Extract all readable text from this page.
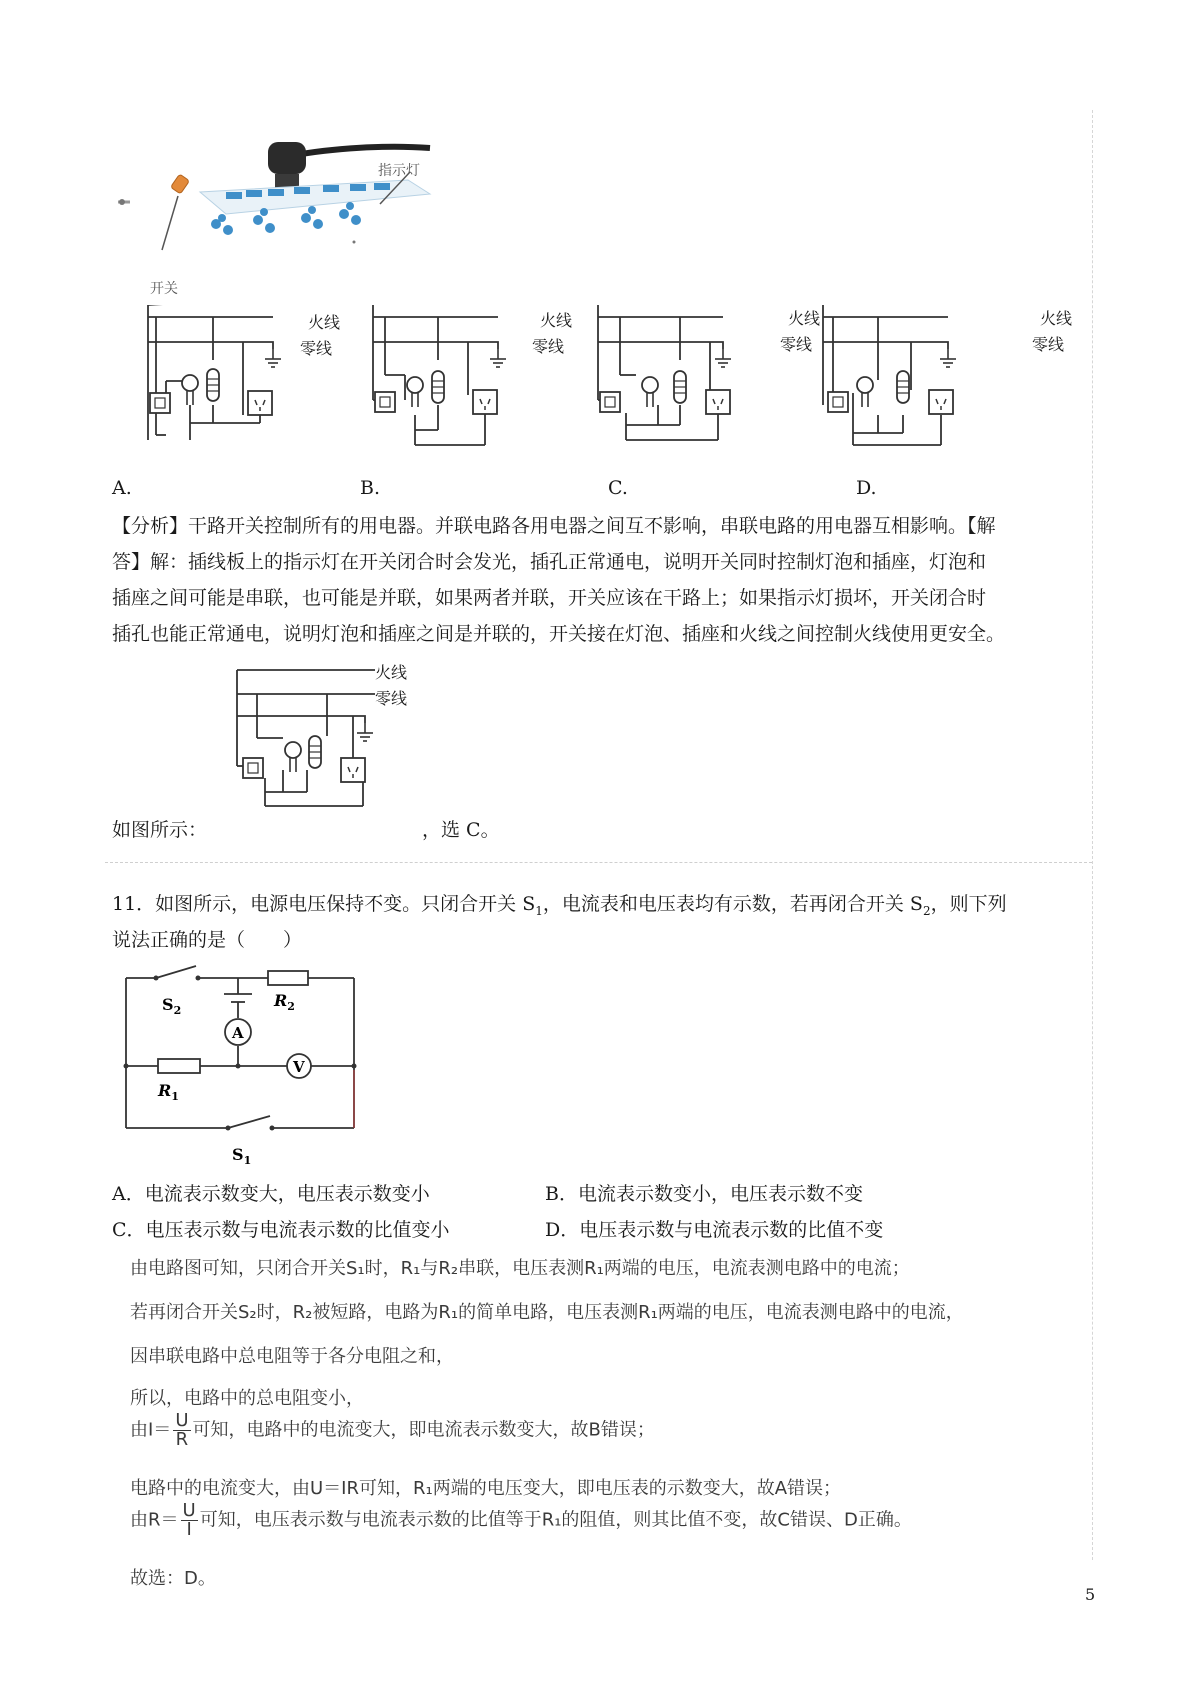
指示灯
开关
火线
零线
火线
零线
火线
零线
火线
零线
A.	B.	C.	D.
【分析】干路开关控制所有的用电器。并联电路各用电器之间互不影响，串联电路的用电器互相影响。【解
答】解：插线板上的指示灯在开关闭合时会发光，插孔正常通电，说明开关同时控制灯泡和插座，灯泡和
插座之间可能是串联，也可能是并联，如果两者并联，开关应该在干路上；如果指示灯损坏，开关闭合时
插孔也能正常通电，说明灯泡和插座之间是并联的，开关接在灯泡、插座和火线之间控制火线使用更安全。
火线
零线
如图所示：	，选 C。
11．如图所示，电源电压保持不变。只闭合开关 $S_1$，电流表和电压表均有示数，若再闭合开关 $S_2$，则下列
说法正确的是（　　）
$S_2$
$R_2$
A
V
$R_1$
$S_1$
A．电流表示数变大，电压表示数变小	B．电流表示数变小，电压表示数不变
C．电压表示数与电流表示数的比值变小	D．电压表示数与电流表示数的比值不变
由电路图可知，只闭合开关S₁时，R₁与R₂串联，电压表测R₁两端的电压，电流表测电路中的电流；
若再闭合开关S₂时，R₂被短路，电路为R₁的简单电路，电压表测R₁两端的电压，电流表测电路中的电流，
因串联电路中总电阻等于各分电阻之和，
所以，电路中的总电阻变小，
由$I= \frac{U}{R}$ 可知，电路中的电流变大，即电流表示数变大，故B错误；
电路中的电流变大，由U＝IR可知，R₁两端的电压变大，即电压表的示数变大，故A错误；
由$R= \frac{U}{I}$ 可知，电压表示数与电流表示数的比值等于R₁的阻值，则其比值不变，故C错误、D正确。
故选：D。
5
